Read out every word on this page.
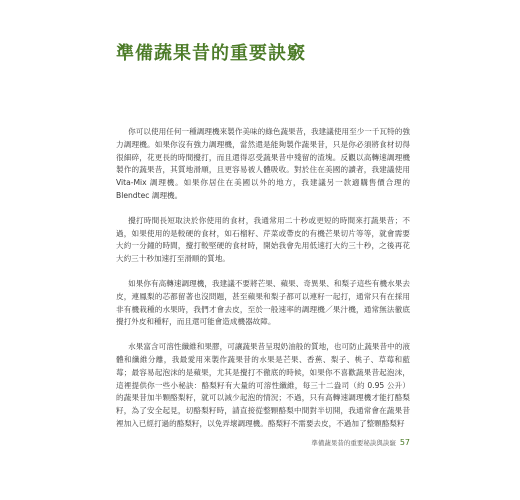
準備蔬果昔的重要訣竅

你可以使用任何一種調理機來製作美味的綠色蔬果昔，我建議使用至少一千瓦特的強力調理機。如果你沒有強力調理機，當然還是能夠製作蔬果昔，只是你必須將食材切得很細碎，花更長的時間攪打，而且還得忍受蔬果昔中殘留的渣塊。反觀以高轉速調理機製作的蔬果昔，其質地滑順，且更容易被人體吸收。對於住在美國的讀者，我建議使用 Vita-Mix 調理機。如果你居住在美國以外的地方，我建議另一款適購售價合理的 Blendtec 調理機。

攪打時間長短取決於你使用的食材，我通常用二十秒或更短的時間來打蔬果昔；不過，如果使用的是較硬的食材，如石榴籽、芹菜或帶皮的有機芒果切片等等，就會需要大約一分鐘的時間，攪打較堅硬的食材時，開始我會先用低速打大約三十秒，之後再花大約三十秒加速打至滑順的質地。

如果你有高轉速調理機，我建議不要將芒果、蘋果、奇異果、和梨子這些有機水果去皮，連鳳梨的芯都留著也沒問題，甚至蘋果和梨子都可以連籽一起打，通常只有在採用非有機栽種的水果時，我們才會去皮，至於一般速率的調理機／果汁機，通常無法徹底攪打外皮和種籽，而且還可能會造成機器故障。

水果富含可溶性纖維和果膠，可讓蔬果昔呈現奶油般的質地，也可防止蔬果昔中的液體和纖維分離，我最愛用來製作蔬果昔的水果是芒果、香蕉、梨子、桃子、草莓和藍莓；最容易起泡沫的是蘋果，尤其是攪打不徹底的時候，如果你不喜歡蔬果昔起泡沫，這裡提供你一些小秘訣：酪梨籽有大量的可溶性纖維，每三十二盎司（約 0.95 公升）的蔬果昔加半顆酪梨籽，就可以減少起泡的情況；不過，只有高轉速調理機才能打酪梨籽，為了安全起見，切酪梨籽時，請直接從整顆酪梨中間對半切開，我通常會在蔬果昔裡加入已經打過的酪梨籽，以免弄壞調理機。酪梨籽不需要去皮，不過加了整顆酪梨籽

準備蔬果昔的重要秘訣與訣竅 57
